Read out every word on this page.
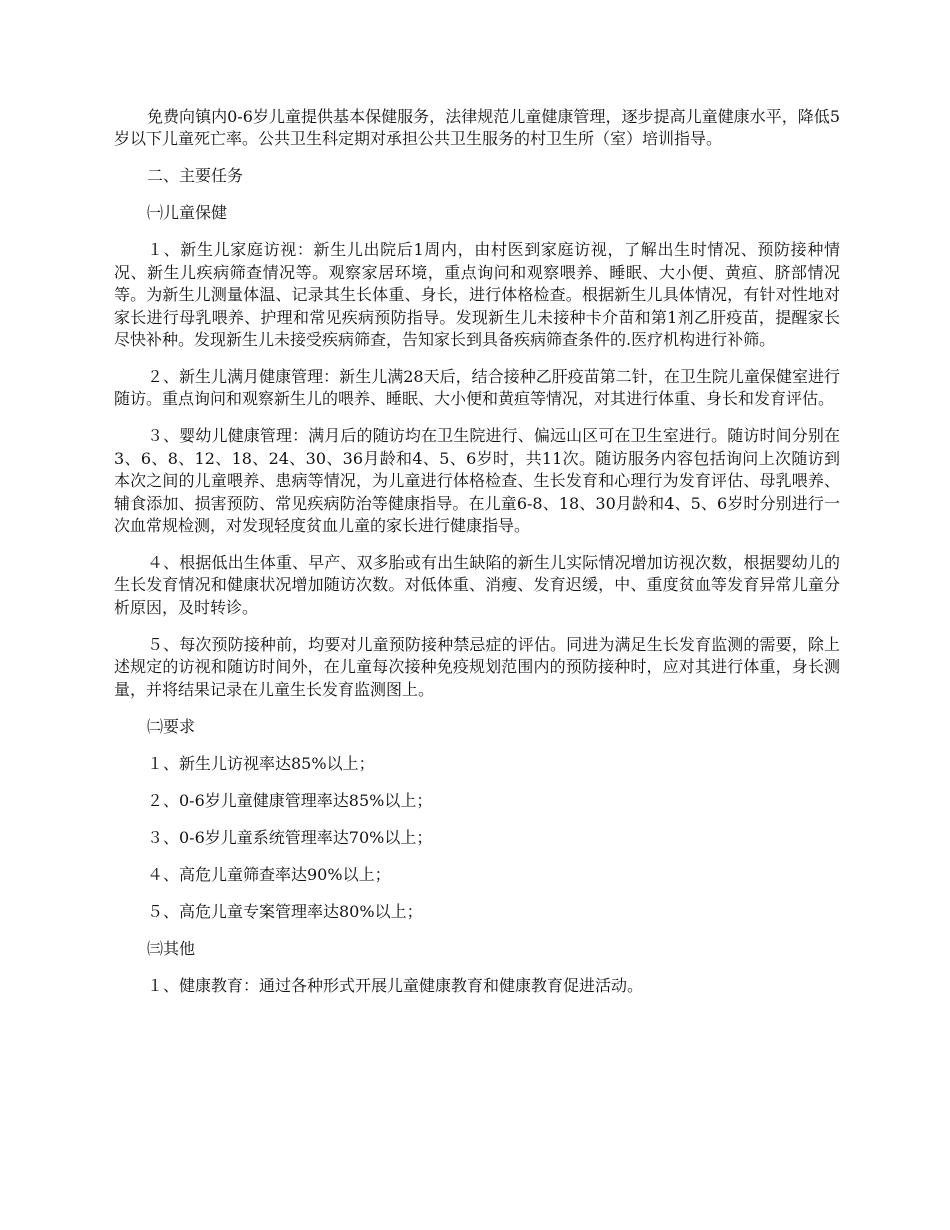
免费向镇内0-6岁儿童提供基本保健服务，法律规范儿童健康管理，逐步提高儿童健康水平，降低5岁以下儿童死亡率。公共卫生科定期对承担公共卫生服务的村卫生所（室）培训指导。

二、主要任务

㈠儿童保健

１、新生儿家庭访视：新生儿出院后1周内，由村医到家庭访视，了解出生时情况、预防接种情况、新生儿疾病筛查情况等。观察家居环境，重点询问和观察喂养、睡眠、大小便、黄疸、脐部情况等。为新生儿测量体温、记录其生长体重、身长，进行体格检查。根据新生儿具体情况，有针对性地对家长进行母乳喂养、护理和常见疾病预防指导。发现新生儿未接种卡介苗和第1剂乙肝疫苗，提醒家长尽快补种。发现新生儿未接受疾病筛查，告知家长到具备疾病筛查条件的.医疗机构进行补筛。

２、新生儿满月健康管理：新生儿满28天后，结合接种乙肝疫苗第二针，在卫生院儿童保健室进行随访。重点询问和观察新生儿的喂养、睡眠、大小便和黄疸等情况，对其进行体重、身长和发育评估。

３、婴幼儿健康管理：满月后的随访均在卫生院进行、偏远山区可在卫生室进行。随访时间分别在3、6、8、12、18、24、30、36月龄和4、5、6岁时，共11次。随访服务内容包括询问上次随访到本次之间的儿童喂养、患病等情况，为儿童进行体格检查、生长发育和心理行为发育评估、母乳喂养、辅食添加、损害预防、常见疾病防治等健康指导。在儿童6-8、18、30月龄和4、5、6岁时分别进行一次血常规检测，对发现轻度贫血儿童的家长进行健康指导。

４、根据低出生体重、早产、双多胎或有出生缺陷的新生儿实际情况增加访视次数，根据婴幼儿的生长发育情况和健康状况增加随访次数。对低体重、消瘦、发育迟缓，中、重度贫血等发育异常儿童分析原因，及时转诊。

５、每次预防接种前，均要对儿童预防接种禁忌症的评估。同进为满足生长发育监测的需要，除上述规定的访视和随访时间外，在儿童每次接种免疫规划范围内的预防接种时，应对其进行体重，身长测量，并将结果记录在儿童生长发育监测图上。

㈡要求

１、新生儿访视率达85%以上；

２、0-6岁儿童健康管理率达85%以上；

３、0-6岁儿童系统管理率达70%以上；

４、高危儿童筛查率达90%以上；

５、高危儿童专案管理率达80%以上；

㈢其他

１、健康教育：通过各种形式开展儿童健康教育和健康教育促进活动。
